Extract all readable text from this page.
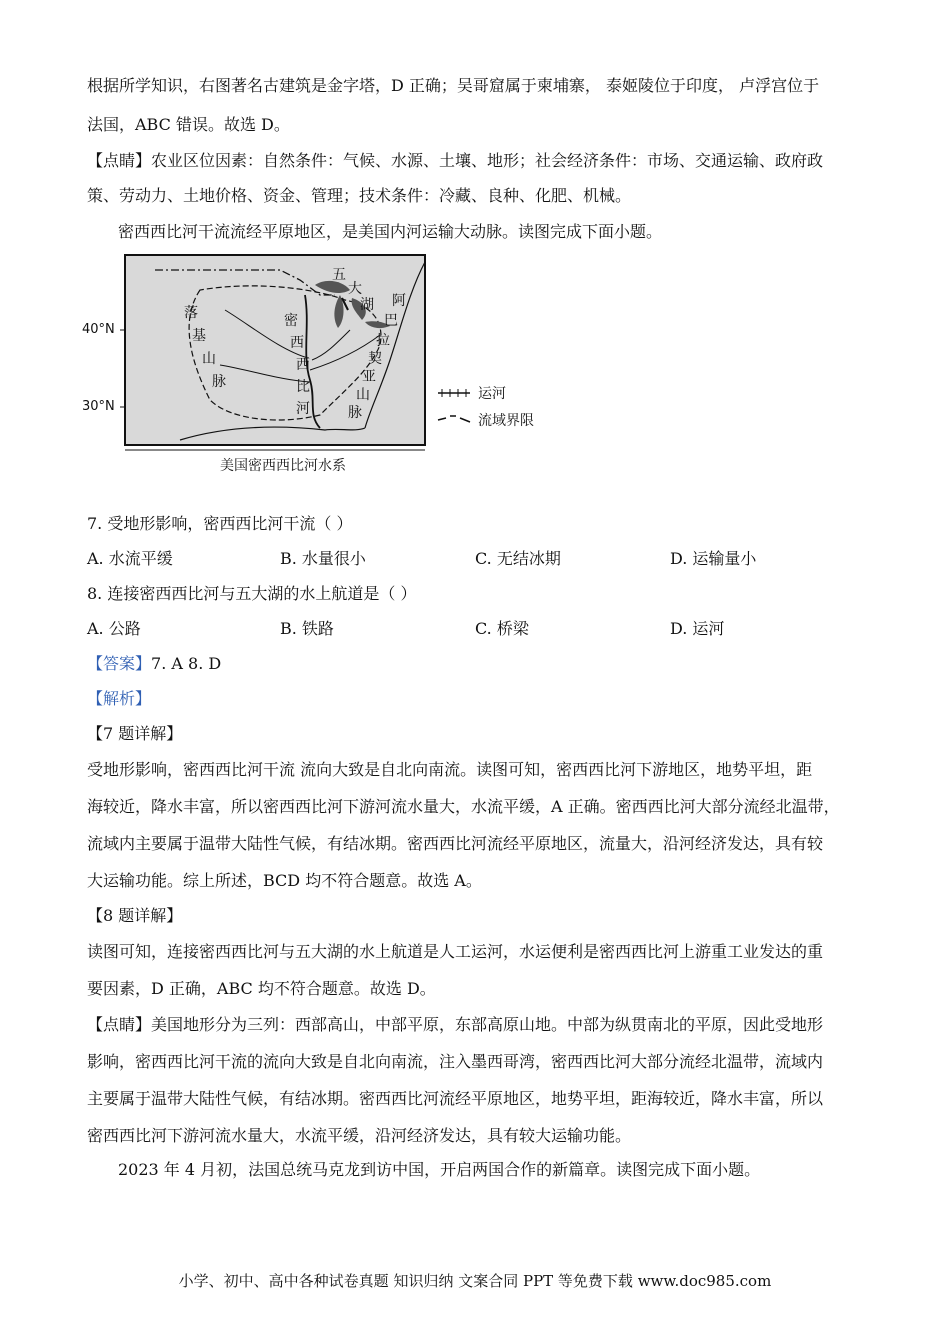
根据所学知识，右图著名古建筑是金字塔，D 正确；吴哥窟属于柬埔寨， 泰姬陵位于印度， 卢浮宫位于
法国，ABC 错误。故选 D。
【点睛】农业区位因素：自然条件：气候、水源、土壤、地形；社会经济条件：市场、交通运输、政府政
策、劳动力、土地价格、资金、管理；技术条件：冷藏、良种、化肥、机械。
密西西比河干流流经平原地区，是美国内河运输大动脉。读图完成下面小题。
40°N
30°N
落
基
山
脉
密
西
西
比
河
五
大
湖 阿
巴
拉
契
亚
山
脉
运河
流域界限
美国密西西比河水系
7. 受地形影响，密西西比河干流（ ）
A. 水流平缓	B. 水量很小	C. 无结冰期	D. 运输量小
8. 连接密西西比河与五大湖的水上航道是（ ）
A. 公路	B. 铁路	C. 桥梁	D. 运河
【答案】7. A 8. D
【解析】
【7 题详解】
受地形影响，密西西比河干流 流向大致是自北向南流。读图可知，密西西比河下游地区，地势平坦，距
海较近，降水丰富，所以密西西比河下游河流水量大，水流平缓，A 正确。密西西比河大部分流经北温带，
流域内主要属于温带大陆性气候，有结冰期。密西西比河流经平原地区，流量大，沿河经济发达，具有较
大运输功能。综上所述，BCD 均不符合题意。故选 A。
【8 题详解】
读图可知，连接密西西比河与五大湖的水上航道是人工运河，水运便利是密西西比河上游重工业发达的重
要因素，D 正确，ABC 均不符合题意。故选 D。
【点睛】美国地形分为三列：西部高山，中部平原，东部高原山地。中部为纵贯南北的平原，因此受地形
影响，密西西比河干流的流向大致是自北向南流，注入墨西哥湾，密西西比河大部分流经北温带，流域内
主要属于温带大陆性气候，有结冰期。密西西比河流经平原地区，地势平坦，距海较近，降水丰富，所以
密西西比河下游河流水量大，水流平缓，沿河经济发达，具有较大运输功能。
2023 年 4 月初，法国总统马克龙到访中国，开启两国合作的新篇章。读图完成下面小题。
小学、初中、高中各种试卷真题 知识归纳 文案合同 PPT 等免费下载 www.doc985.com
